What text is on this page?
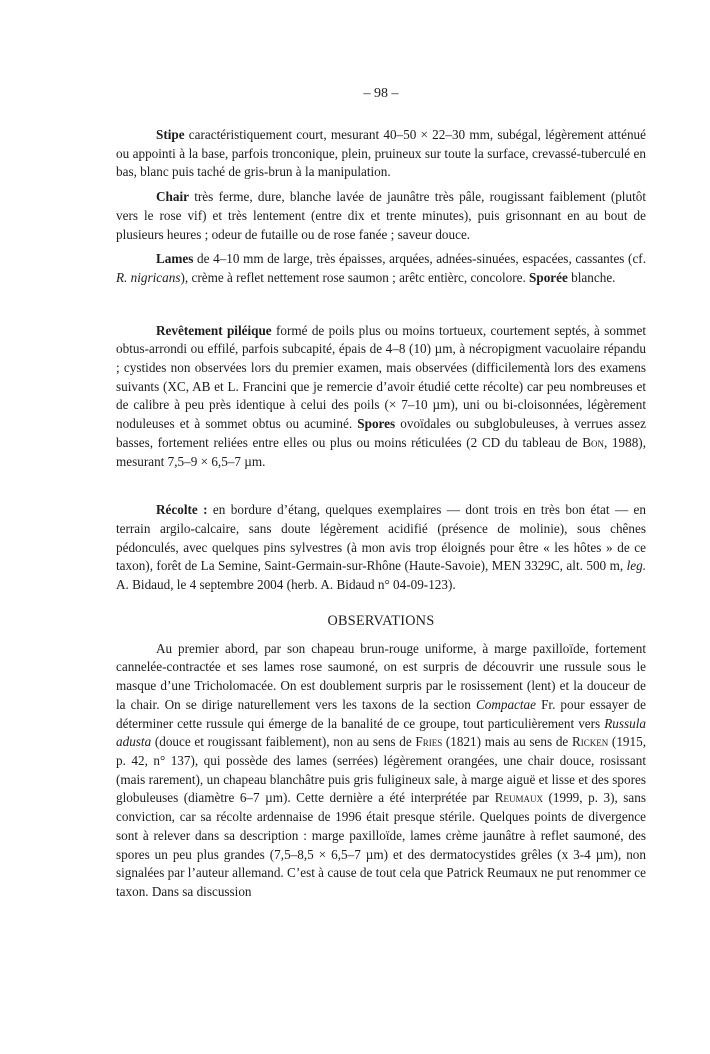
– 98 –

Stipe caractéristiquement court, mesurant 40–50 × 22–30 mm, subégal, légèrement atténué ou appointi à la base, parfois tronconique, plein, pruineux sur toute la surface, crevassé-tuberculé en bas, blanc puis taché de gris-brun à la manipulation.

Chair très ferme, dure, blanche lavée de jaunâtre très pâle, rougissant faiblement (plutôt vers le rose vif) et très lentement (entre dix et trente minutes), puis grisonnant en au bout de plusieurs heures ; odeur de futaille ou de rose fanée ; saveur douce.

Lames de 4–10 mm de large, très épaisses, arquées, adnées-sinuées, espacées, cassantes (cf. R. nigricans), crème à reflet nettement rose saumon ; arêtc entièrc, concolore. Sporée blanche.

Revêtement piléique formé de poils plus ou moins tortueux, courtement septés, à sommet obtus-arrondi ou effilé, parfois subcapité, épais de 4–8 (10) µm, à nécropigment vacuolaire répandu ; cystides non observées lors du premier examen, mais observées (difficilementà lors des examens suivants (XC, AB et L. Francini que je remercie d’avoir étudié cette récolte) car peu nombreuses et de calibre à peu près identique à celui des poils (× 7–10 µm), uni ou bi-cloisonnées, légèrement noduleuses et à sommet obtus ou acuminé. Spores ovoïdales ou subglobuleuses, à verrues assez basses, fortement reliées entre elles ou plus ou moins réticulées (2 CD du tableau de Bon, 1988), mesurant 7,5–9 × 6,5–7 µm.

Récolte : en bordure d’étang, quelques exemplaires — dont trois en très bon état — en terrain argilo-calcaire, sans doute légèrement acidifié (présence de molinie), sous chênes pédonculés, avec quelques pins sylvestres (à mon avis trop éloignés pour être « les hôtes » de ce taxon), forêt de La Semine, Saint-Germain-sur-Rhône (Haute-Savoie), MEN 3329C, alt. 500 m, leg. A. Bidaud, le 4 septembre 2004 (herb. A. Bidaud n° 04-09-123).

OBSERVATIONS

Au premier abord, par son chapeau brun-rouge uniforme, à marge paxilloïde, fortement cannelée-contractée et ses lames rose saumoné, on est surpris de découvrir une russule sous le masque d’une Tricholomacée. On est doublement surpris par le rosissement (lent) et la douceur de la chair. On se dirige naturellement vers les taxons de la section Compactae Fr. pour essayer de déterminer cette russule qui émerge de la banalité de ce groupe, tout particulièrement vers Russula adusta (douce et rougissant faiblement), non au sens de Fries (1821) mais au sens de Ricken (1915, p. 42, n° 137), qui possède des lames (serrées) légèrement orangées, une chair douce, rosissant (mais rarement), un chapeau blanchâtre puis gris fuligineux sale, à marge aiguë et lisse et des spores globuleuses (diamètre 6–7 µm). Cette dernière a été interprétée par Reumaux (1999, p. 3), sans conviction, car sa récolte ardennaise de 1996 était presque stérile. Quelques points de divergence sont à relever dans sa description : marge paxilloïde, lames crème jaunâtre à reflet saumoné, des spores un peu plus grandes (7,5–8,5 × 6,5–7 µm) et des dermatocystides grêles (x 3-4 µm), non signalées par l’auteur allemand. C’est à cause de tout cela que Patrick Reumaux ne put renommer ce taxon. Dans sa discussion
